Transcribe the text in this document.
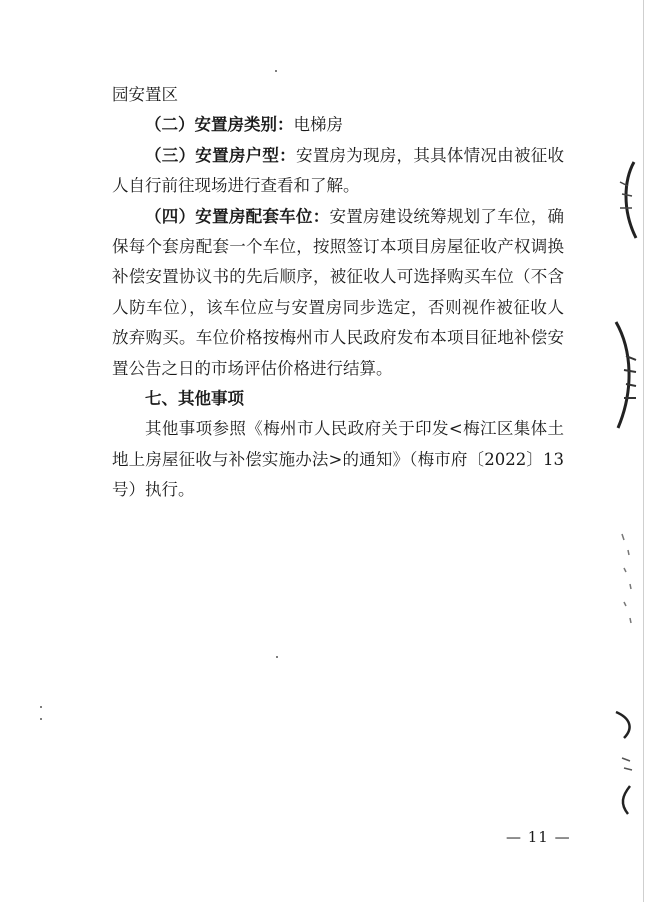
园安置区

（二）安置房类别：电梯房

（三）安置房户型：安置房为现房，其具体情况由被征收人自行前往现场进行查看和了解。

（四）安置房配套车位：安置房建设统筹规划了车位，确保每个套房配套一个车位，按照签订本项目房屋征收产权调换补偿安置协议书的先后顺序，被征收人可选择购买车位（不含人防车位），该车位应与安置房同步选定，否则视作被征收人放弃购买。车位价格按梅州市人民政府发布本项目征地补偿安置公告之日的市场评估价格进行结算。

七、其他事项

其他事项参照《梅州市人民政府关于印发<梅江区集体土地上房屋征收与补偿实施办法>的通知》（梅市府〔2022〕13号）执行。

— 11 —
